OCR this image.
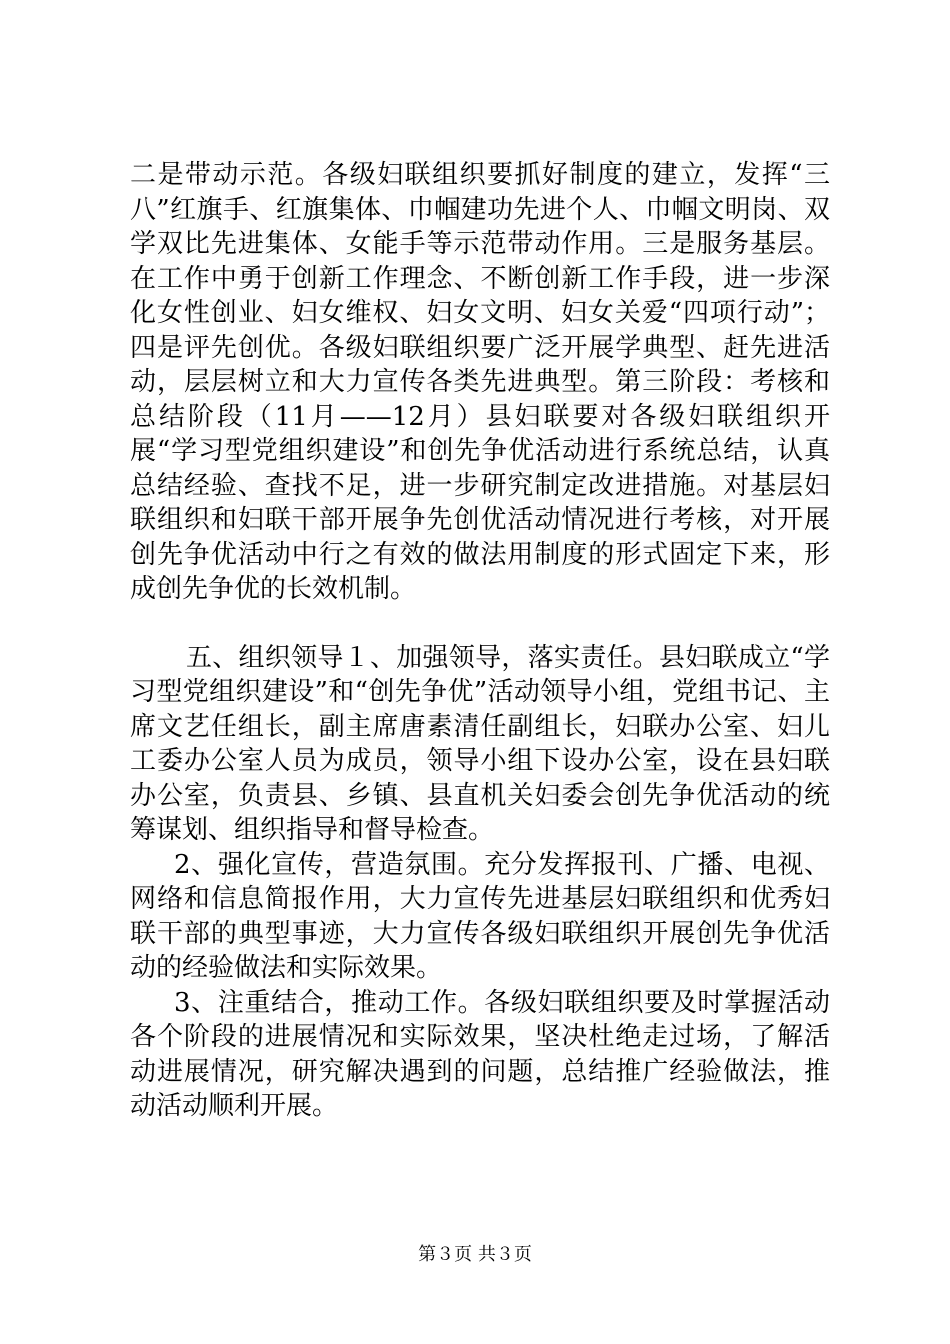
二是带动示范。各级妇联组织要抓好制度的建立，发挥“三八”红旗手、红旗集体、巾帼建功先进个人、巾帼文明岗、双学双比先进集体、女能手等示范带动作用。三是服务基层。在工作中勇于创新工作理念、不断创新工作手段，进一步深化女性创业、妇女维权、妇女文明、妇女关爱“四项行动”；四是评先创优。各级妇联组织要广泛开展学典型、赶先进活动，层层树立和大力宣传各类先进典型。第三阶段：考核和总结阶段（11月——12月）县妇联要对各级妇联组织开展“学习型党组织建设”和创先争优活动进行系统总结，认真总结经验、查找不足，进一步研究制定改进措施。对基层妇联组织和妇联干部开展争先创优活动情况进行考核，对开展创先争优活动中行之有效的做法用制度的形式固定下来，形成创先争优的长效机制。

五、组织领导１、加强领导，落实责任。县妇联成立“学习型党组织建设”和“创先争优”活动领导小组，党组书记、主席文艺任组长，副主席唐素清任副组长，妇联办公室、妇儿工委办公室人员为成员，领导小组下设办公室，设在县妇联办公室，负责县、乡镇、县直机关妇委会创先争优活动的统筹谋划、组织指导和督导检查。

2、强化宣传，营造氛围。充分发挥报刊、广播、电视、网络和信息简报作用，大力宣传先进基层妇联组织和优秀妇联干部的典型事迹，大力宣传各级妇联组织开展创先争优活动的经验做法和实际效果。

3、注重结合，推动工作。各级妇联组织要及时掌握活动各个阶段的进展情况和实际效果，坚决杜绝走过场，了解活动进展情况，研究解决遇到的问题，总结推广经验做法，推动活动顺利开展。

第３页 共３页
